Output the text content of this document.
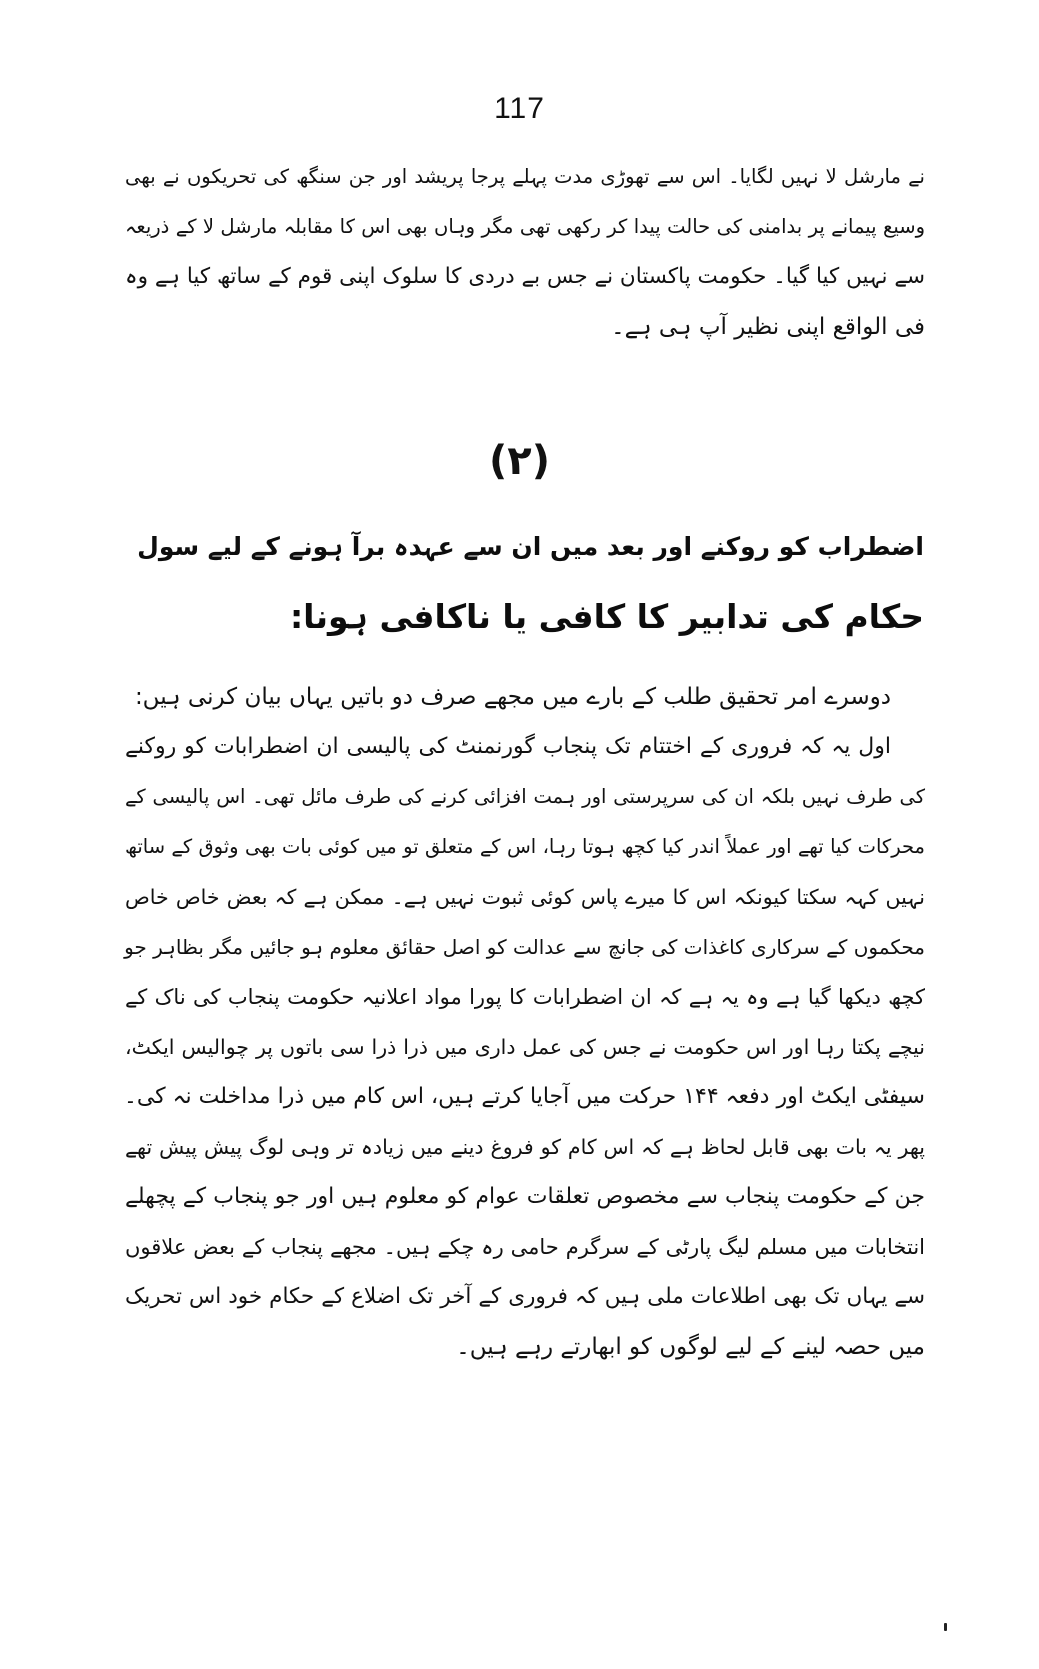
117
نے مارشل لا نہیں لگایا۔ اس سے تھوڑی مدت پہلے پرجا پریشد اور جن سنگھ کی تحریکوں نے بھی
وسیع پیمانے پر بدامنی کی حالت پیدا کر رکھی تھی مگر وہاں بھی اس کا مقابلہ مارشل لا کے ذریعہ
سے نہیں کیا گیا۔ حکومت پاکستان نے جس بے دردی کا سلوک اپنی قوم کے ساتھ کیا ہے وہ
فی الواقع اپنی نظیر آپ ہی ہے۔
(۲)
اضطراب کو روکنے اور بعد میں ان سے عہدہ برآ ہونے کے لیے سول
حکام کی تدابیر کا کافی یا ناکافی ہونا:
دوسرے امر تحقیق طلب کے بارے میں مجھے صرف دو باتیں یہاں بیان کرنی ہیں:
اول یہ کہ فروری کے اختتام تک پنجاب گورنمنٹ کی پالیسی ان اضطرابات کو روکنے
کی طرف نہیں بلکہ ان کی سرپرستی اور ہمت افزائی کرنے کی طرف مائل تھی۔ اس پالیسی کے
محرکات کیا تھے اور عملاً اندر کیا کچھ ہوتا رہا، اس کے متعلق تو میں کوئی بات بھی وثوق کے ساتھ
نہیں کہہ سکتا کیونکہ اس کا میرے پاس کوئی ثبوت نہیں ہے۔ ممکن ہے کہ بعض خاص خاص
محکموں کے سرکاری کاغذات کی جانچ سے عدالت کو اصل حقائق معلوم ہو جائیں مگر بظاہر جو
کچھ دیکھا گیا ہے وہ یہ ہے کہ ان اضطرابات کا پورا مواد اعلانیہ حکومت پنجاب کی ناک کے
نیچے پکتا رہا اور اس حکومت نے جس کی عمل داری میں ذرا ذرا سی باتوں پر چوالیس ایکٹ،
سیفٹی ایکٹ اور دفعہ ۱۴۴ حرکت میں آجایا کرتے ہیں، اس کام میں ذرا مداخلت نہ کی۔
پھر یہ بات بھی قابل لحاظ ہے کہ اس کام کو فروغ دینے میں زیادہ تر وہی لوگ پیش پیش تھے
جن کے حکومت پنجاب سے مخصوص تعلقات عوام کو معلوم ہیں اور جو پنجاب کے پچھلے
انتخابات میں مسلم لیگ پارٹی کے سرگرم حامی رہ چکے ہیں۔ مجھے پنجاب کے بعض علاقوں
سے یہاں تک بھی اطلاعات ملی ہیں کہ فروری کے آخر تک اضلاع کے حکام خود اس تحریک
میں حصہ لینے کے لیے لوگوں کو ابھارتے رہے ہیں۔
